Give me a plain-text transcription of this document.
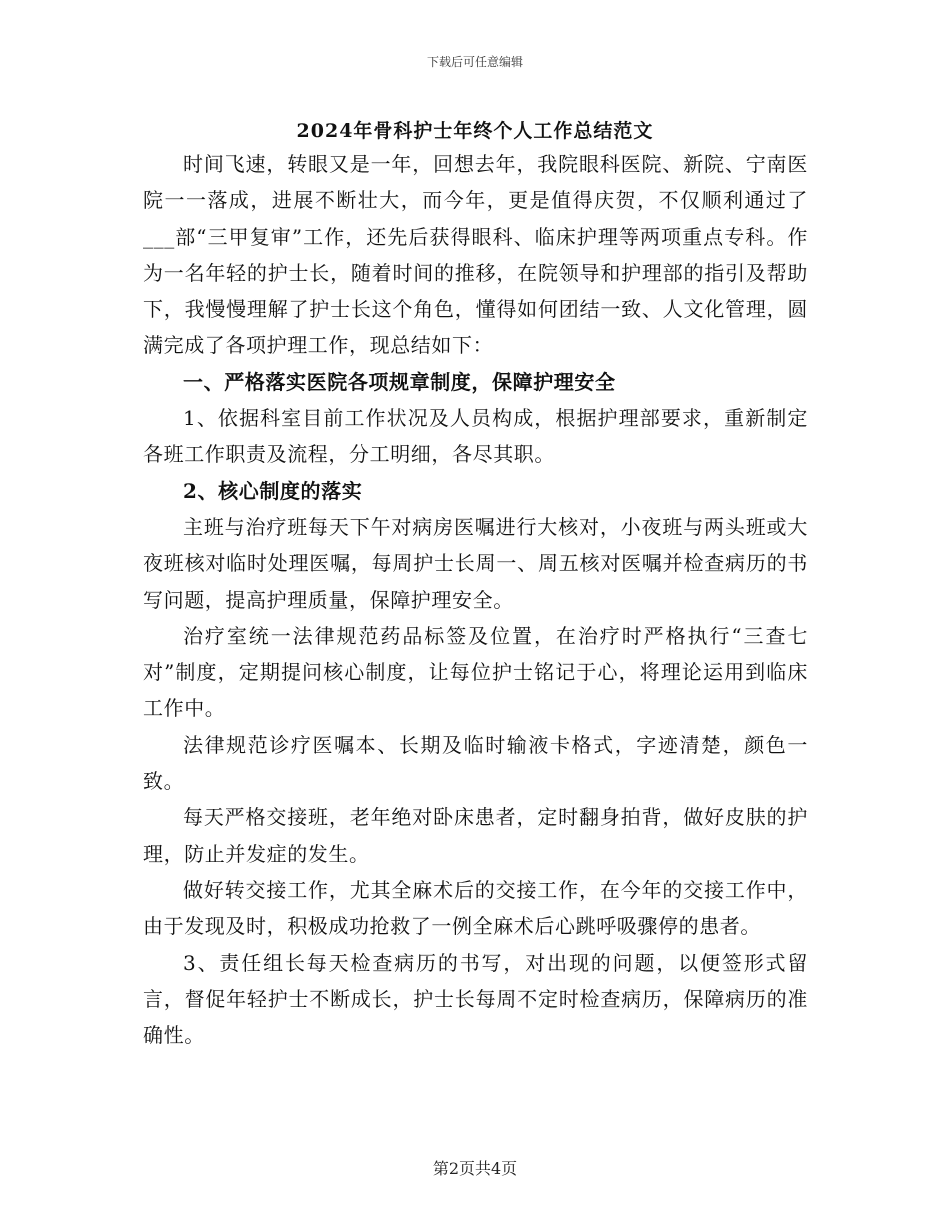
下载后可任意编辑
2024年骨科护士年终个人工作总结范文

时间飞速，转眼又是一年，回想去年，我院眼科医院、新院、宁南医院一一落成，进展不断壮大，而今年，更是值得庆贺，不仅顺利通过了___部“三甲复审”工作，还先后获得眼科、临床护理等两项重点专科。作为一名年轻的护士长，随着时间的推移，在院领导和护理部的指引及帮助下，我慢慢理解了护士长这个角色，懂得如何团结一致、人文化管理，圆满完成了各项护理工作，现总结如下：

一、严格落实医院各项规章制度，保障护理安全

1、依据科室目前工作状况及人员构成，根据护理部要求，重新制定各班工作职责及流程，分工明细，各尽其职。

2、核心制度的落实

主班与治疗班每天下午对病房医嘱进行大核对，小夜班与两头班或大夜班核对临时处理医嘱，每周护士长周一、周五核对医嘱并检查病历的书写问题，提高护理质量，保障护理安全。

治疗室统一法律规范药品标签及位置，在治疗时严格执行“三查七对”制度，定期提问核心制度，让每位护士铭记于心，将理论运用到临床工作中。

法律规范诊疗医嘱本、长期及临时输液卡格式，字迹清楚，颜色一致。

每天严格交接班，老年绝对卧床患者，定时翻身拍背，做好皮肤的护理，防止并发症的发生。

做好转交接工作，尤其全麻术后的交接工作，在今年的交接工作中，由于发现及时，积极成功抢救了一例全麻术后心跳呼吸骤停的患者。

3、责任组长每天检查病历的书写，对出现的问题，以便签形式留言，督促年轻护士不断成长，护士长每周不定时检查病历，保障病历的准确性。

第2页共4页
